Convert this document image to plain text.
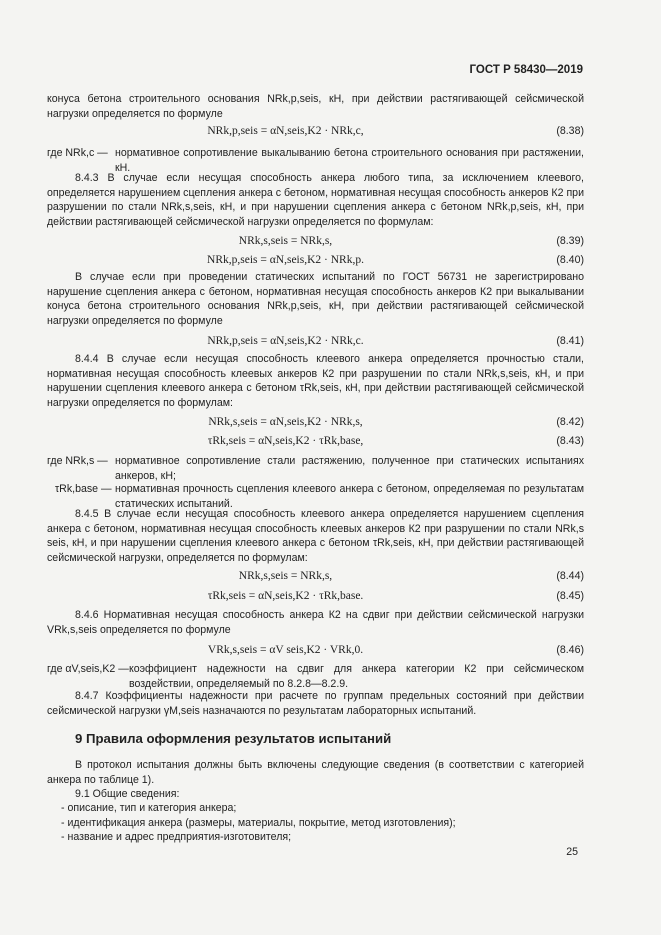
ГОСТ Р 58430—2019
конуса бетона строительного основания NRk,p,seis, кН, при действии растягивающей сейсмической нагрузки определяется по формуле
NRk,p,seis = αN,seis,K2 · NRk,c,	(8.38)
где NRk,c — нормативное сопротивление выкалыванию бетона строительного основания при растяжении, кН.
8.4.3 В случае если несущая способность анкера любого типа, за исключением клеевого, определяется нарушением сцепления анкера с бетоном, нормативная несущая способность анкеров К2 при разрушении по стали NRk,s,seis, кН, и при нарушении сцепления анкера с бетоном NRk,p,seis, кН, при действии растягивающей сейсмической нагрузки определяется по формулам:
NRk,s,seis = NRk,s,	(8.39)
NRk,p,seis = αN,seis,K2 · NRk,p.	(8.40)
В случае если при проведении статических испытаний по ГОСТ 56731 не зарегистрировано нарушение сцепления анкера с бетоном, нормативная несущая способность анкеров К2 при выкалывании конуса бетона строительного основания NRk,p,seis, кН, при действии растягивающей сейсмической нагрузки определяется по формуле
NRk,p,seis = αN,seis,K2 · NRk,c.	(8.41)
8.4.4 В случае если несущая способность клеевого анкера определяется прочностью стали, нормативная несущая способность клеевых анкеров К2 при разрушении по стали NRk,s,seis, кН, и при нарушении сцепления клеевого анкера с бетоном τRk,seis, кН, при действии растягивающей сейсмической нагрузки определяется по формулам:
NRk,s,seis = αN,seis,K2 · NRk,s,	(8.42)
τRk,seis = αN,seis,K2 · τRk,base,	(8.43)
где NRk,s — нормативное сопротивление стали растяжению, полученное при статических испытаниях анкеров, кН;
τRk,base — нормативная прочность сцепления клеевого анкера с бетоном, определяемая по результатам статических испытаний.
8.4.5 В случае если несущая способность клеевого анкера определяется нарушением сцепления анкера с бетоном, нормативная несущая способность клеевых анкеров К2 при разрушении по стали NRk,s seis, кН, и при нарушении сцепления клеевого анкера с бетоном τRk,seis, кН, при действии растягивающей сейсмической нагрузки, определяется по формулам:
NRk,s,seis = NRk,s,	(8.44)
τRk,seis = αN,seis,K2 · τRk,base.	(8.45)
8.4.6 Нормативная несущая способность анкера К2 на сдвиг при действии сейсмической нагрузки VRk,s,seis определяется по формуле
VRk,s,seis = αV seis,K2 · VRk,0.	(8.46)
где αV,seis,K2 — коэффициент надежности на сдвиг для анкера категории К2 при сейсмическом воздействии, определяемый по 8.2.8—8.2.9.
8.4.7 Коэффициенты надежности при расчете по группам предельных состояний при действии сейсмической нагрузки γM,seis назначаются по результатам лабораторных испытаний.
9 Правила оформления результатов испытаний
В протокол испытания должны быть включены следующие сведения (в соответствии с категорией анкера по таблице 1).
9.1 Общие сведения:
- описание, тип и категория анкера;
- идентификация анкера (размеры, материалы, покрытие, метод изготовления);
- название и адрес предприятия-изготовителя;
25
